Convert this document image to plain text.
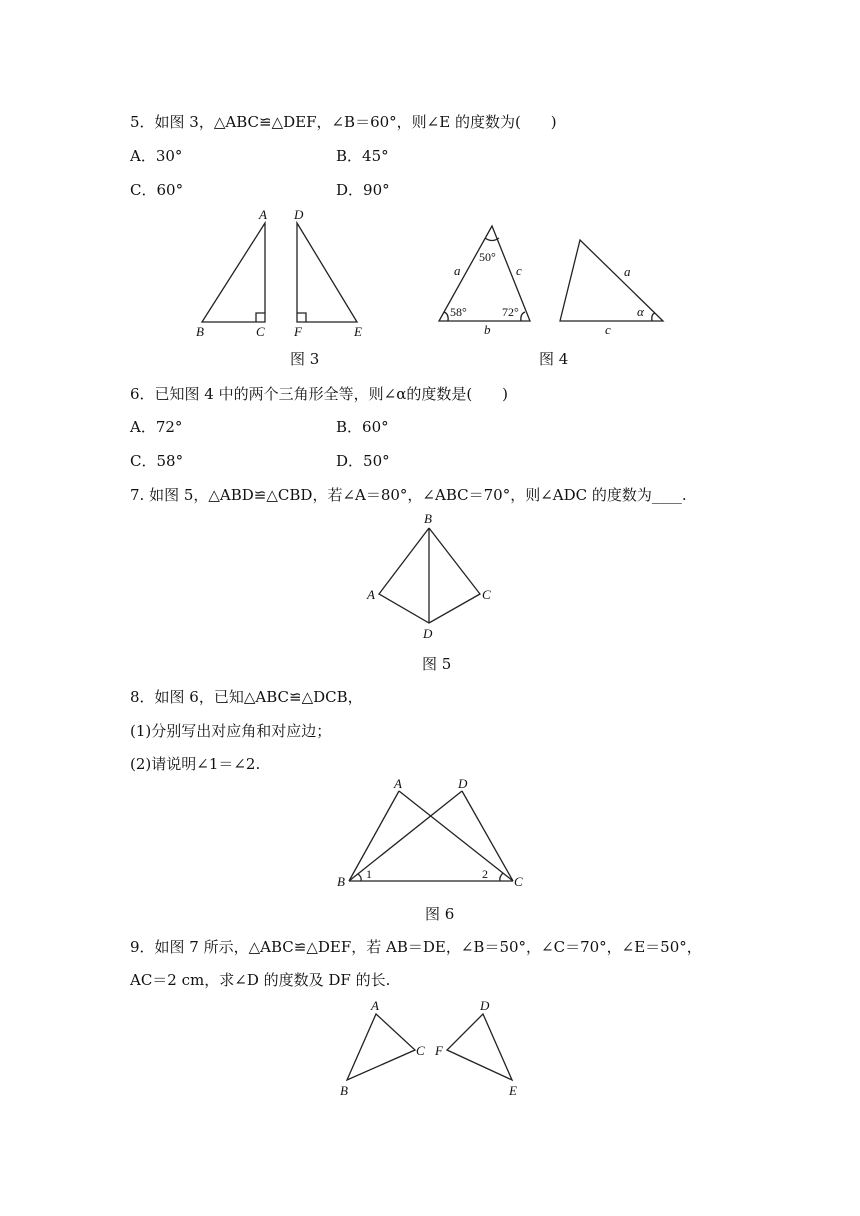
5．如图 3，△ABC≌△DEF，∠B＝60°，则∠E 的度数为(　　)
A．30°	B．45°
C．60°	D．90°
A
B	C
D
F	E
图 3
50°
a	c
58°	72°
b
a
α
c
图 4
6．已知图 4 中的两个三角形全等，则∠α的度数是(　　)
A．72°	B．60°
C．58°	D．50°
7. 如图 5，△ABD≌△CBD，若∠A＝80°，∠ABC＝70°，则∠ADC 的度数为____.
B
A	C
D
图 5
8．如图 6，已知△ABC≌△DCB，
(1)分别写出对应角和对应边；
(2)请说明∠1＝∠2.
A	D
B 1	2 C
图 6
9．如图 7 所示，△ABC≌△DEF，若 AB＝DE，∠B＝50°，∠C＝70°，∠E＝50°，
AC＝2 cm，求∠D 的度数及 DF 的长.
A
C
B
D
F
E
